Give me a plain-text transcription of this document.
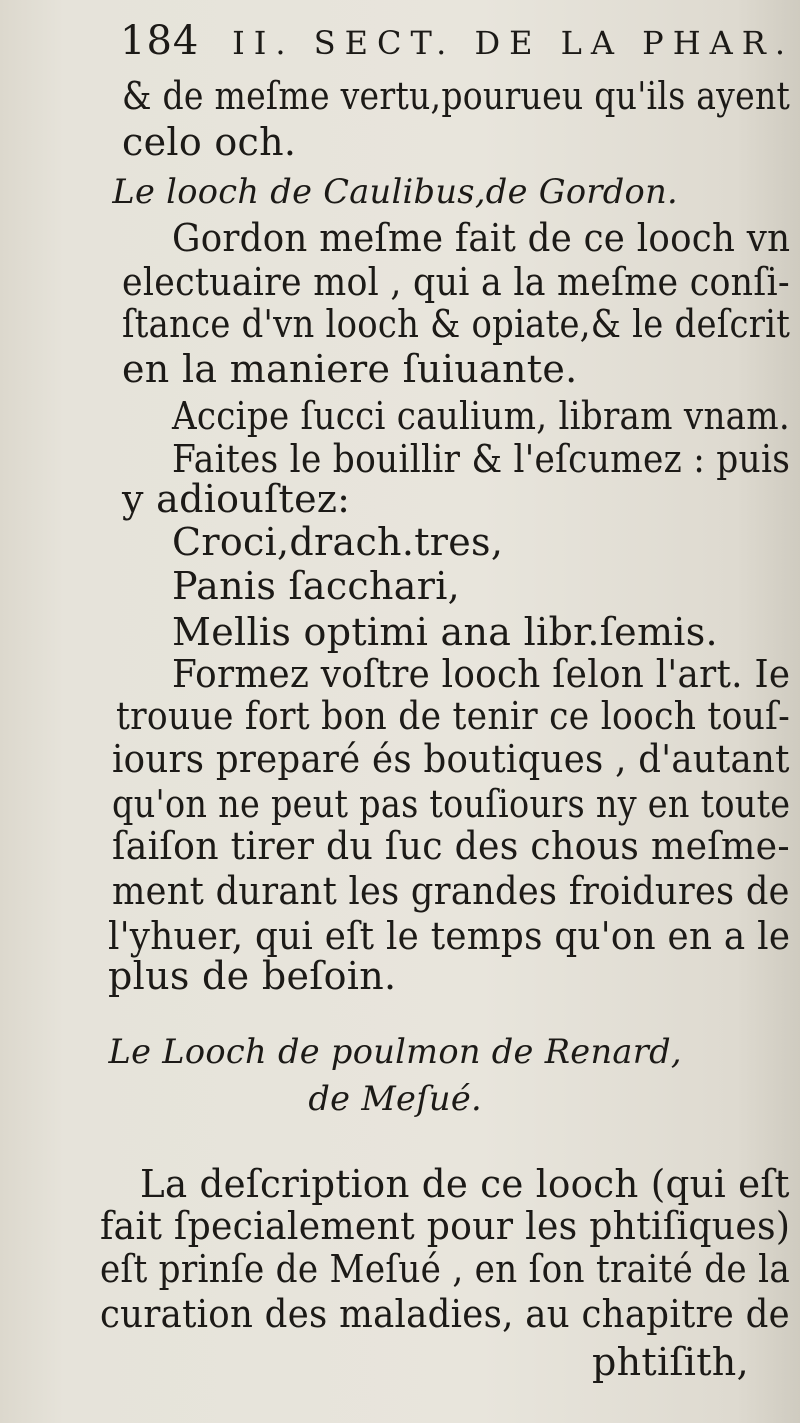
184 II. SECT. DE LA PHAR.
& de meſme vertu,pourueu qu'ils ayent
celo och.
Le looch de Caulibus,de Gordon.
Gordon meſme fait de ce looch vn
electuaire mol , qui a la meſme conſi-
ſtance d'vn looch & opiate,& le deſcrit
en la maniere ſuiuante.
Accipe ſucci caulium, libram vnam.
Faites le bouillir & l'eſcumez : puis
y adiouſtez:
Croci,drach.tres,
Panis ſacchari,
Mellis optimi ana libr.ſemis.
Formez voſtre looch ſelon l'art. Ie
trouue fort bon de tenir ce looch touſ-
iours preparé és boutiques , d'autant
qu'on ne peut pas touſiours ny en toute
ſaiſon tirer du ſuc des chous meſme-
ment durant les grandes froidures de
l'yhuer, qui eſt le temps qu'on en a le
plus de beſoin.
Le Looch de poulmon de Renard,
de Meſué.
La deſcription de ce looch (qui eſt
fait ſpecialement pour les phtiſiques)
eſt prinſe de Meſué , en ſon traité de la
curation des maladies, au chapitre de
phtiſith,
